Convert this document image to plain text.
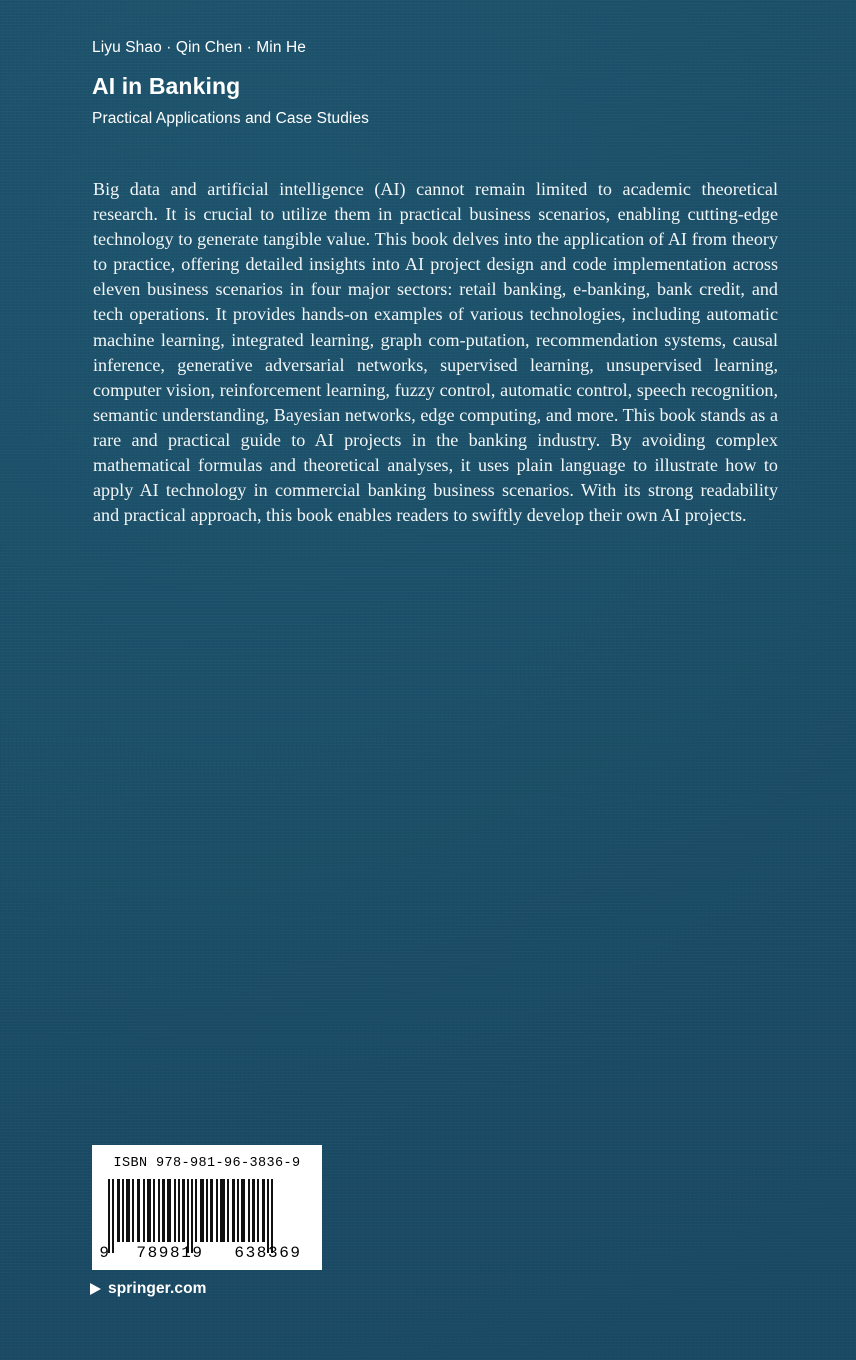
Liyu Shao · Qin Chen · Min He
AI in Banking
Practical Applications and Case Studies
Big data and artificial intelligence (AI) cannot remain limited to academic theoretical research. It is crucial to utilize them in practical business scenarios, enabling cutting-edge technology to generate tangible value. This book delves into the application of AI from theory to practice, offering detailed insights into AI project design and code implementation across eleven business scenarios in four major sectors: retail banking, e-banking, bank credit, and tech operations. It provides hands-on examples of various technologies, including automatic machine learning, integrated learning, graph com-putation, recommendation systems, causal inference, generative adversarial networks, supervised learning, unsupervised learning, computer vision, reinforcement learning, fuzzy control, automatic control, speech recognition, semantic understanding, Bayesian networks, edge computing, and more. This book stands as a rare and practical guide to AI projects in the banking industry. By avoiding complex mathematical formulas and theoretical analyses, it uses plain language to illustrate how to apply AI technology in commercial banking business scenarios. With its strong readability and practical approach, this book enables readers to swiftly develop their own AI projects.
ISBN 978-981-96-3836-9
9	789819	638369
springer.com
